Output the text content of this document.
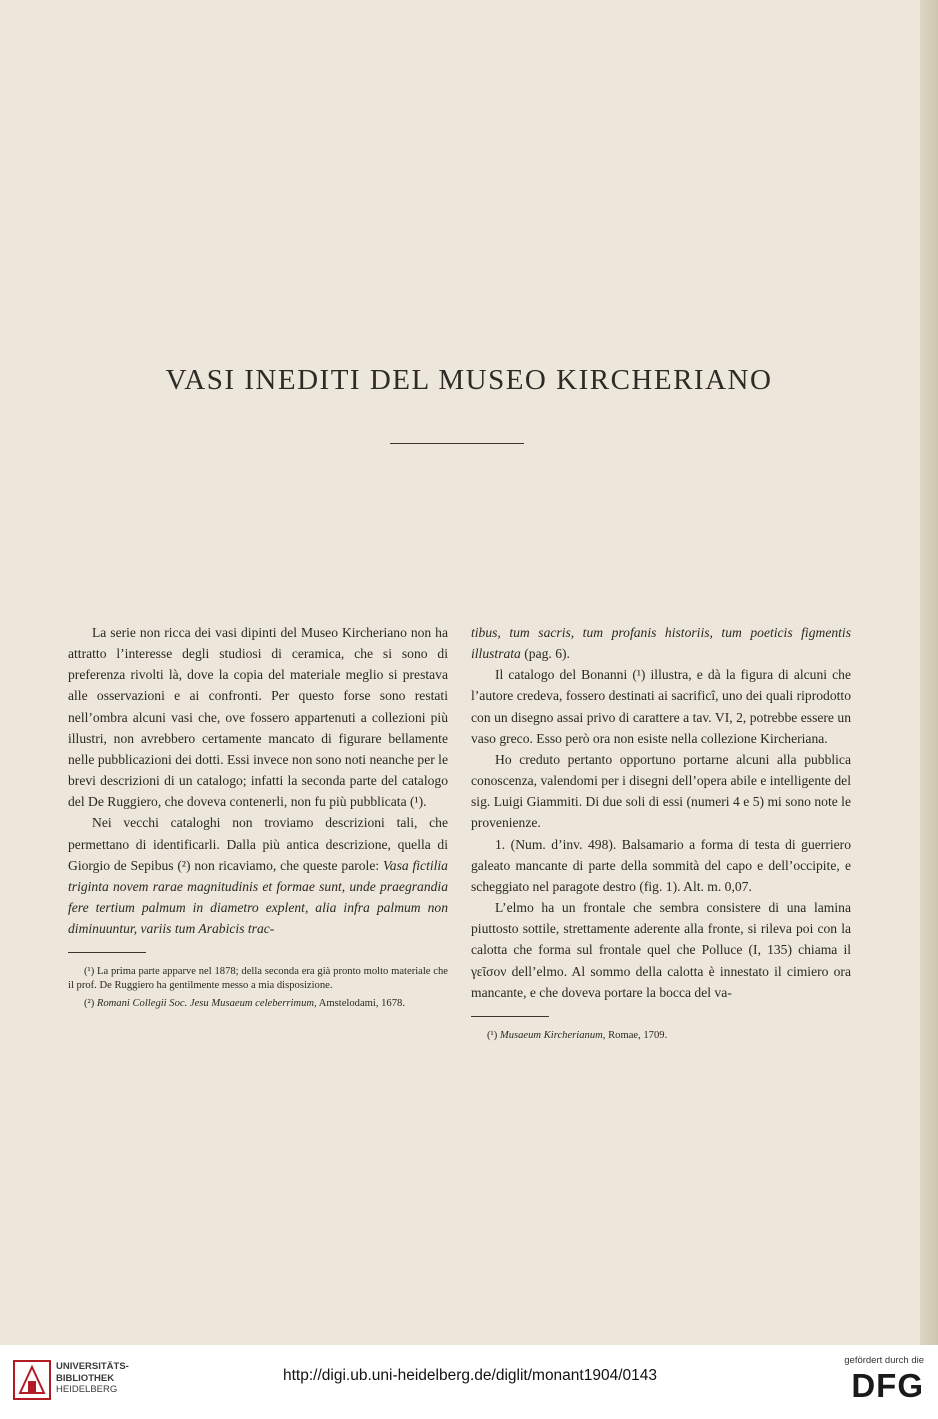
VASI INEDITI DEL MUSEO KIRCHERIANO

La serie non ricca dei vasi dipinti del Museo Kircheriano non ha attratto l’interesse degli studiosi di ceramica, che si sono di preferenza rivolti là, dove la copia del materiale meglio si prestava alle osservazioni e ai confronti. Per questo forse sono restati nell’ombra alcuni vasi che, ove fossero appartenuti a collezioni più illustri, non avrebbero certamente mancato di figurare bellamente nelle pubblicazioni dei dotti. Essi invece non sono noti neanche per le brevi descrizioni di un catalogo; infatti la seconda parte del catalogo del De Ruggiero, che doveva contenerli, non fu più pubblicata (¹).

Nei vecchi cataloghi non troviamo descrizioni tali, che permettano di identificarli. Dalla più antica descrizione, quella di Giorgio de Sepibus (²) non ricaviamo, che queste parole: Vasa fictilia triginta novem rarae magnitudinis et formae sunt, unde praegrandia fere tertium palmum in diametro explent, alia infra palmum non diminuuntur, variis tum Arabicis trac-

(¹) La prima parte apparve nel 1878; della seconda era già pronto molto materiale che il prof. De Ruggiero ha gentilmente messo a mia disposizione.

(²) Romani Collegii Soc. Jesu Musaeum celeberrimum, Amstelodami, 1678.

tibus, tum sacris, tum profanis historiis, tum poeticis figmentis illustrata (pag. 6).

Il catalogo del Bonanni (¹) illustra, e dà la figura di alcuni che l’autore credeva, fossero destinati ai sacrificî, uno dei quali riprodotto con un disegno assai privo di carattere a tav. VI, 2, potrebbe essere un vaso greco. Esso però ora non esiste nella collezione Kircheriana.

Ho creduto pertanto opportuno portarne alcuni alla pubblica conoscenza, valendomi per i disegni dell’opera abile e intelligente del sig. Luigi Giammiti. Di due soli di essi (numeri 4 e 5) mi sono note le provenienze.

1. (Num. d’inv. 498). Balsamario a forma di testa di guerriero galeato mancante di parte della sommità del capo e dell’occipite, e scheggiato nel paragote destro (fig. 1). Alt. m. 0,07.

L’elmo ha un frontale che sembra consistere di una lamina piuttosto sottile, strettamente aderente alla fronte, si rileva poi con la calotta che forma sul frontale quel che Polluce (I, 135) chiama il γεῖσον dell’elmo. Al sommo della calotta è innestato il cimiero ora mancante, e che doveva portare la bocca del va-

(¹) Musaeum Kircherianum, Romae, 1709.

UNIVERSITÄTS-
BIBLIOTHEK
HEIDELBERG
http://digi.ub.uni-heidelberg.de/diglit/monant1904/0143
gefördert durch die
DFG
